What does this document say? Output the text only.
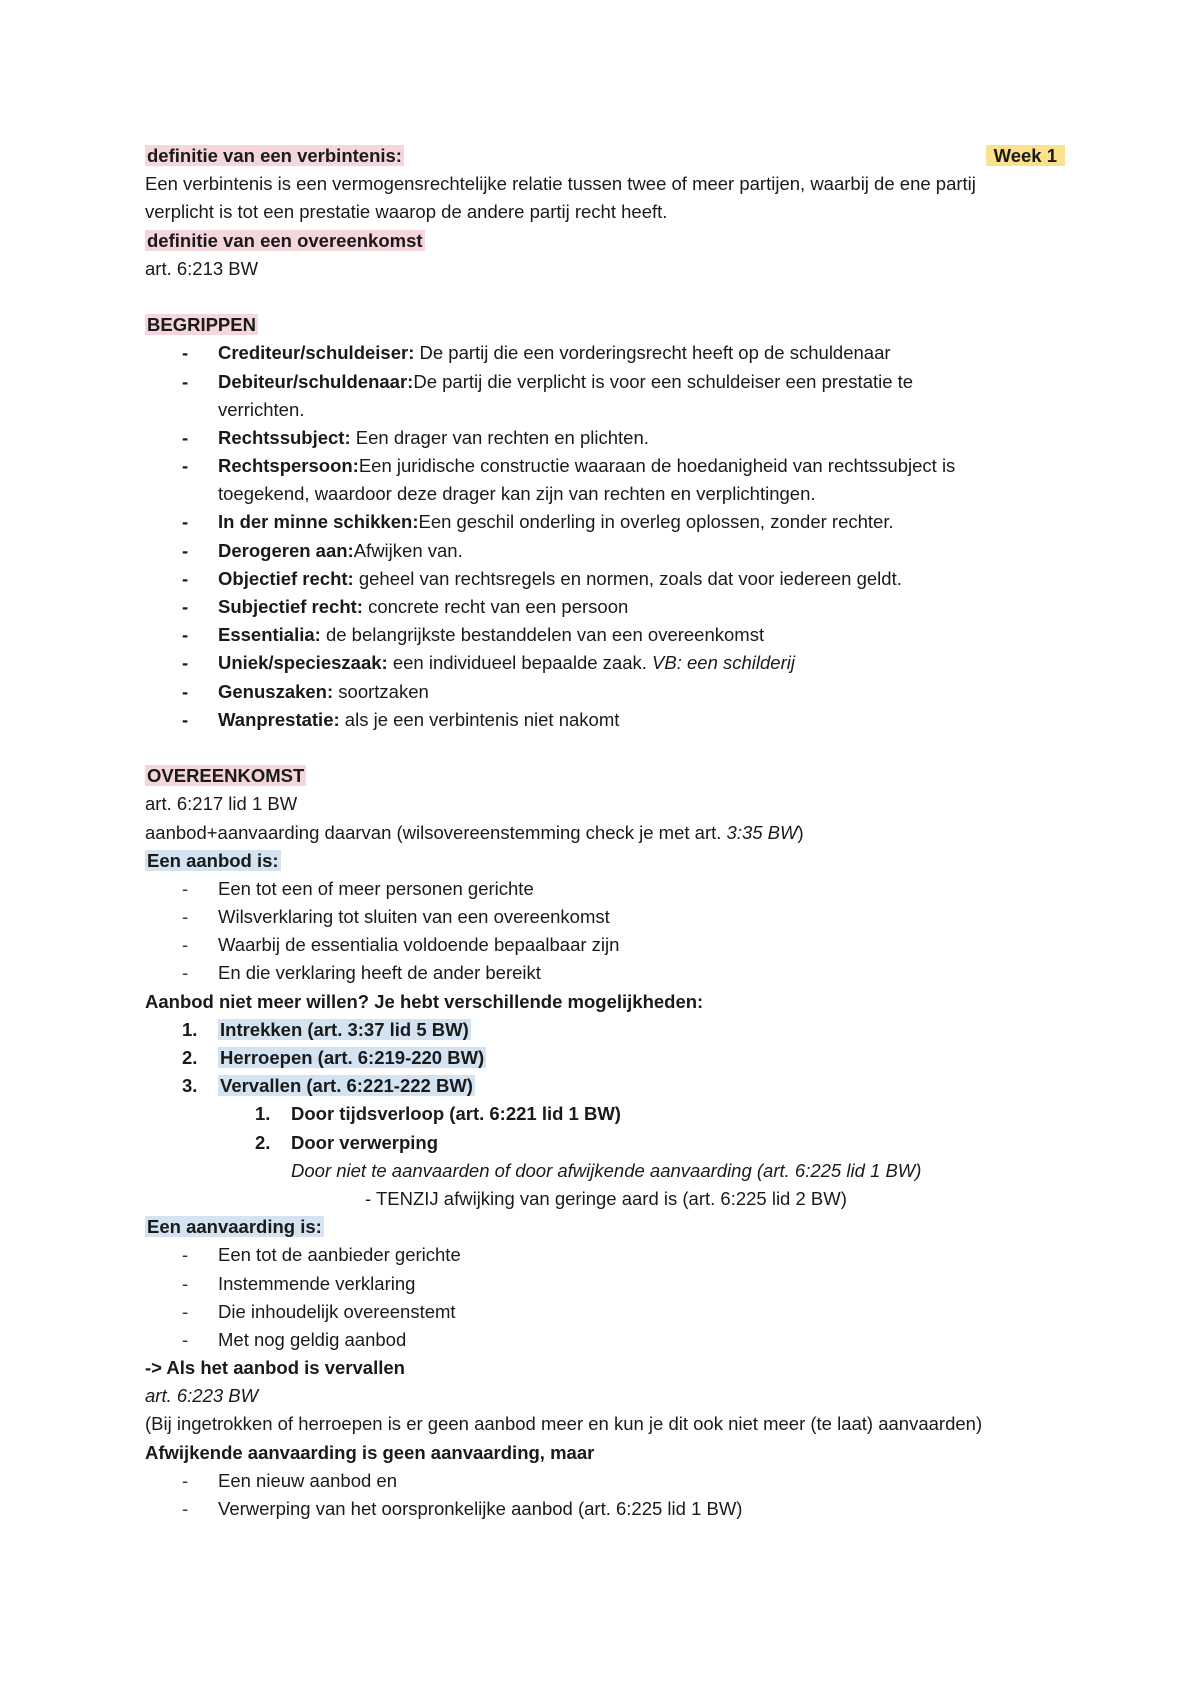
Week 1
definitie van een verbintenis:
Een verbintenis is een vermogensrechtelijke relatie tussen twee of meer partijen, waarbij de ene partij
verplicht is tot een prestatie waarop de andere partij recht heeft.
definitie van een overeenkomst
art. 6:213 BW
BEGRIPPEN
- Crediteur/schuldeiser: De partij die een vorderingsrecht heeft op de schuldenaar
- Debiteur/schuldenaar:De partij die verplicht is voor een schuldeiser een prestatie te
verrichten.
- Rechtssubject: Een drager van rechten en plichten.
- Rechtspersoon:Een juridische constructie waaraan de hoedanigheid van rechtssubject is
toegekend, waardoor deze drager kan zijn van rechten en verplichtingen.
- In der minne schikken:Een geschil onderling in overleg oplossen, zonder rechter.
- Derogeren aan:Afwijken van.
- Objectief recht: geheel van rechtsregels en normen, zoals dat voor iedereen geldt.
- Subjectief recht: concrete recht van een persoon
- Essentialia: de belangrijkste bestanddelen van een overeenkomst
- Uniek/specieszaak: een individueel bepaalde zaak. VB: een schilderij
- Genuszaken: soortzaken
- Wanprestatie: als je een verbintenis niet nakomt
OVEREENKOMST
art. 6:217 lid 1 BW
aanbod+aanvaarding daarvan (wilsovereenstemming check je met art. 3:35 BW)
Een aanbod is:
- Een tot een of meer personen gerichte
- Wilsverklaring tot sluiten van een overeenkomst
- Waarbij de essentialia voldoende bepaalbaar zijn
- En die verklaring heeft de ander bereikt
Aanbod niet meer willen? Je hebt verschillende mogelijkheden:
1. Intrekken (art. 3:37 lid 5 BW)
2. Herroepen (art. 6:219-220 BW)
3. Vervallen (art. 6:221-222 BW)
1. Door tijdsverloop (art. 6:221 lid 1 BW)
2. Door verwerping
Door niet te aanvaarden of door afwijkende aanvaarding (art. 6:225 lid 1 BW)
- TENZIJ afwijking van geringe aard is (art. 6:225 lid 2 BW)
Een aanvaarding is:
- Een tot de aanbieder gerichte
- Instemmende verklaring
- Die inhoudelijk overeenstemt
- Met nog geldig aanbod
-> Als het aanbod is vervallen
art. 6:223 BW
(Bij ingetrokken of herroepen is er geen aanbod meer en kun je dit ook niet meer (te laat) aanvaarden)
Afwijkende aanvaarding is geen aanvaarding, maar
- Een nieuw aanbod en
- Verwerping van het oorspronkelijke aanbod (art. 6:225 lid 1 BW)
